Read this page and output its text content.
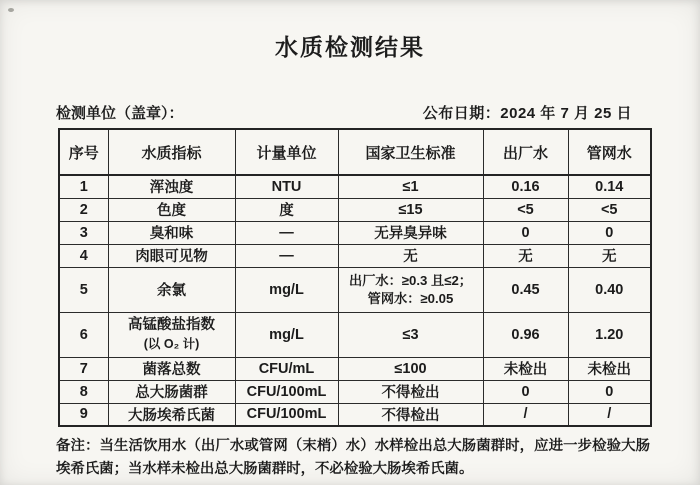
水质检测结果
检测单位（盖章）：	公布日期：2024 年 7 月 25 日
序号	水质指标	计量单位	国家卫生标准	出厂水	管网水
1	浑浊度	NTU	≤1	0.16	0.14
2	色度	度	≤15	<5	<5
3	臭和味	—	无异臭异味	0	0
4	肉眼可见物	—	无	无	无
5	余氯	mg/L	出厂水：≥0.3 且≤2；
管网水：≥0.05	0.45	0.40
6	高锰酸盐指数
(以 O₂ 计)	mg/L	≤3	0.96	1.20
7	菌落总数	CFU/mL	≤100	未检出	未检出
8	总大肠菌群	CFU/100mL	不得检出	0	0
9	大肠埃希氏菌	CFU/100mL	不得检出	/	/
备注：当生活饮用水（出厂水或管网（末梢）水）水样检出总大肠菌群时，应进一步检验大肠埃希氏菌；当水样未检出总大肠菌群时，不必检验大肠埃希氏菌。
